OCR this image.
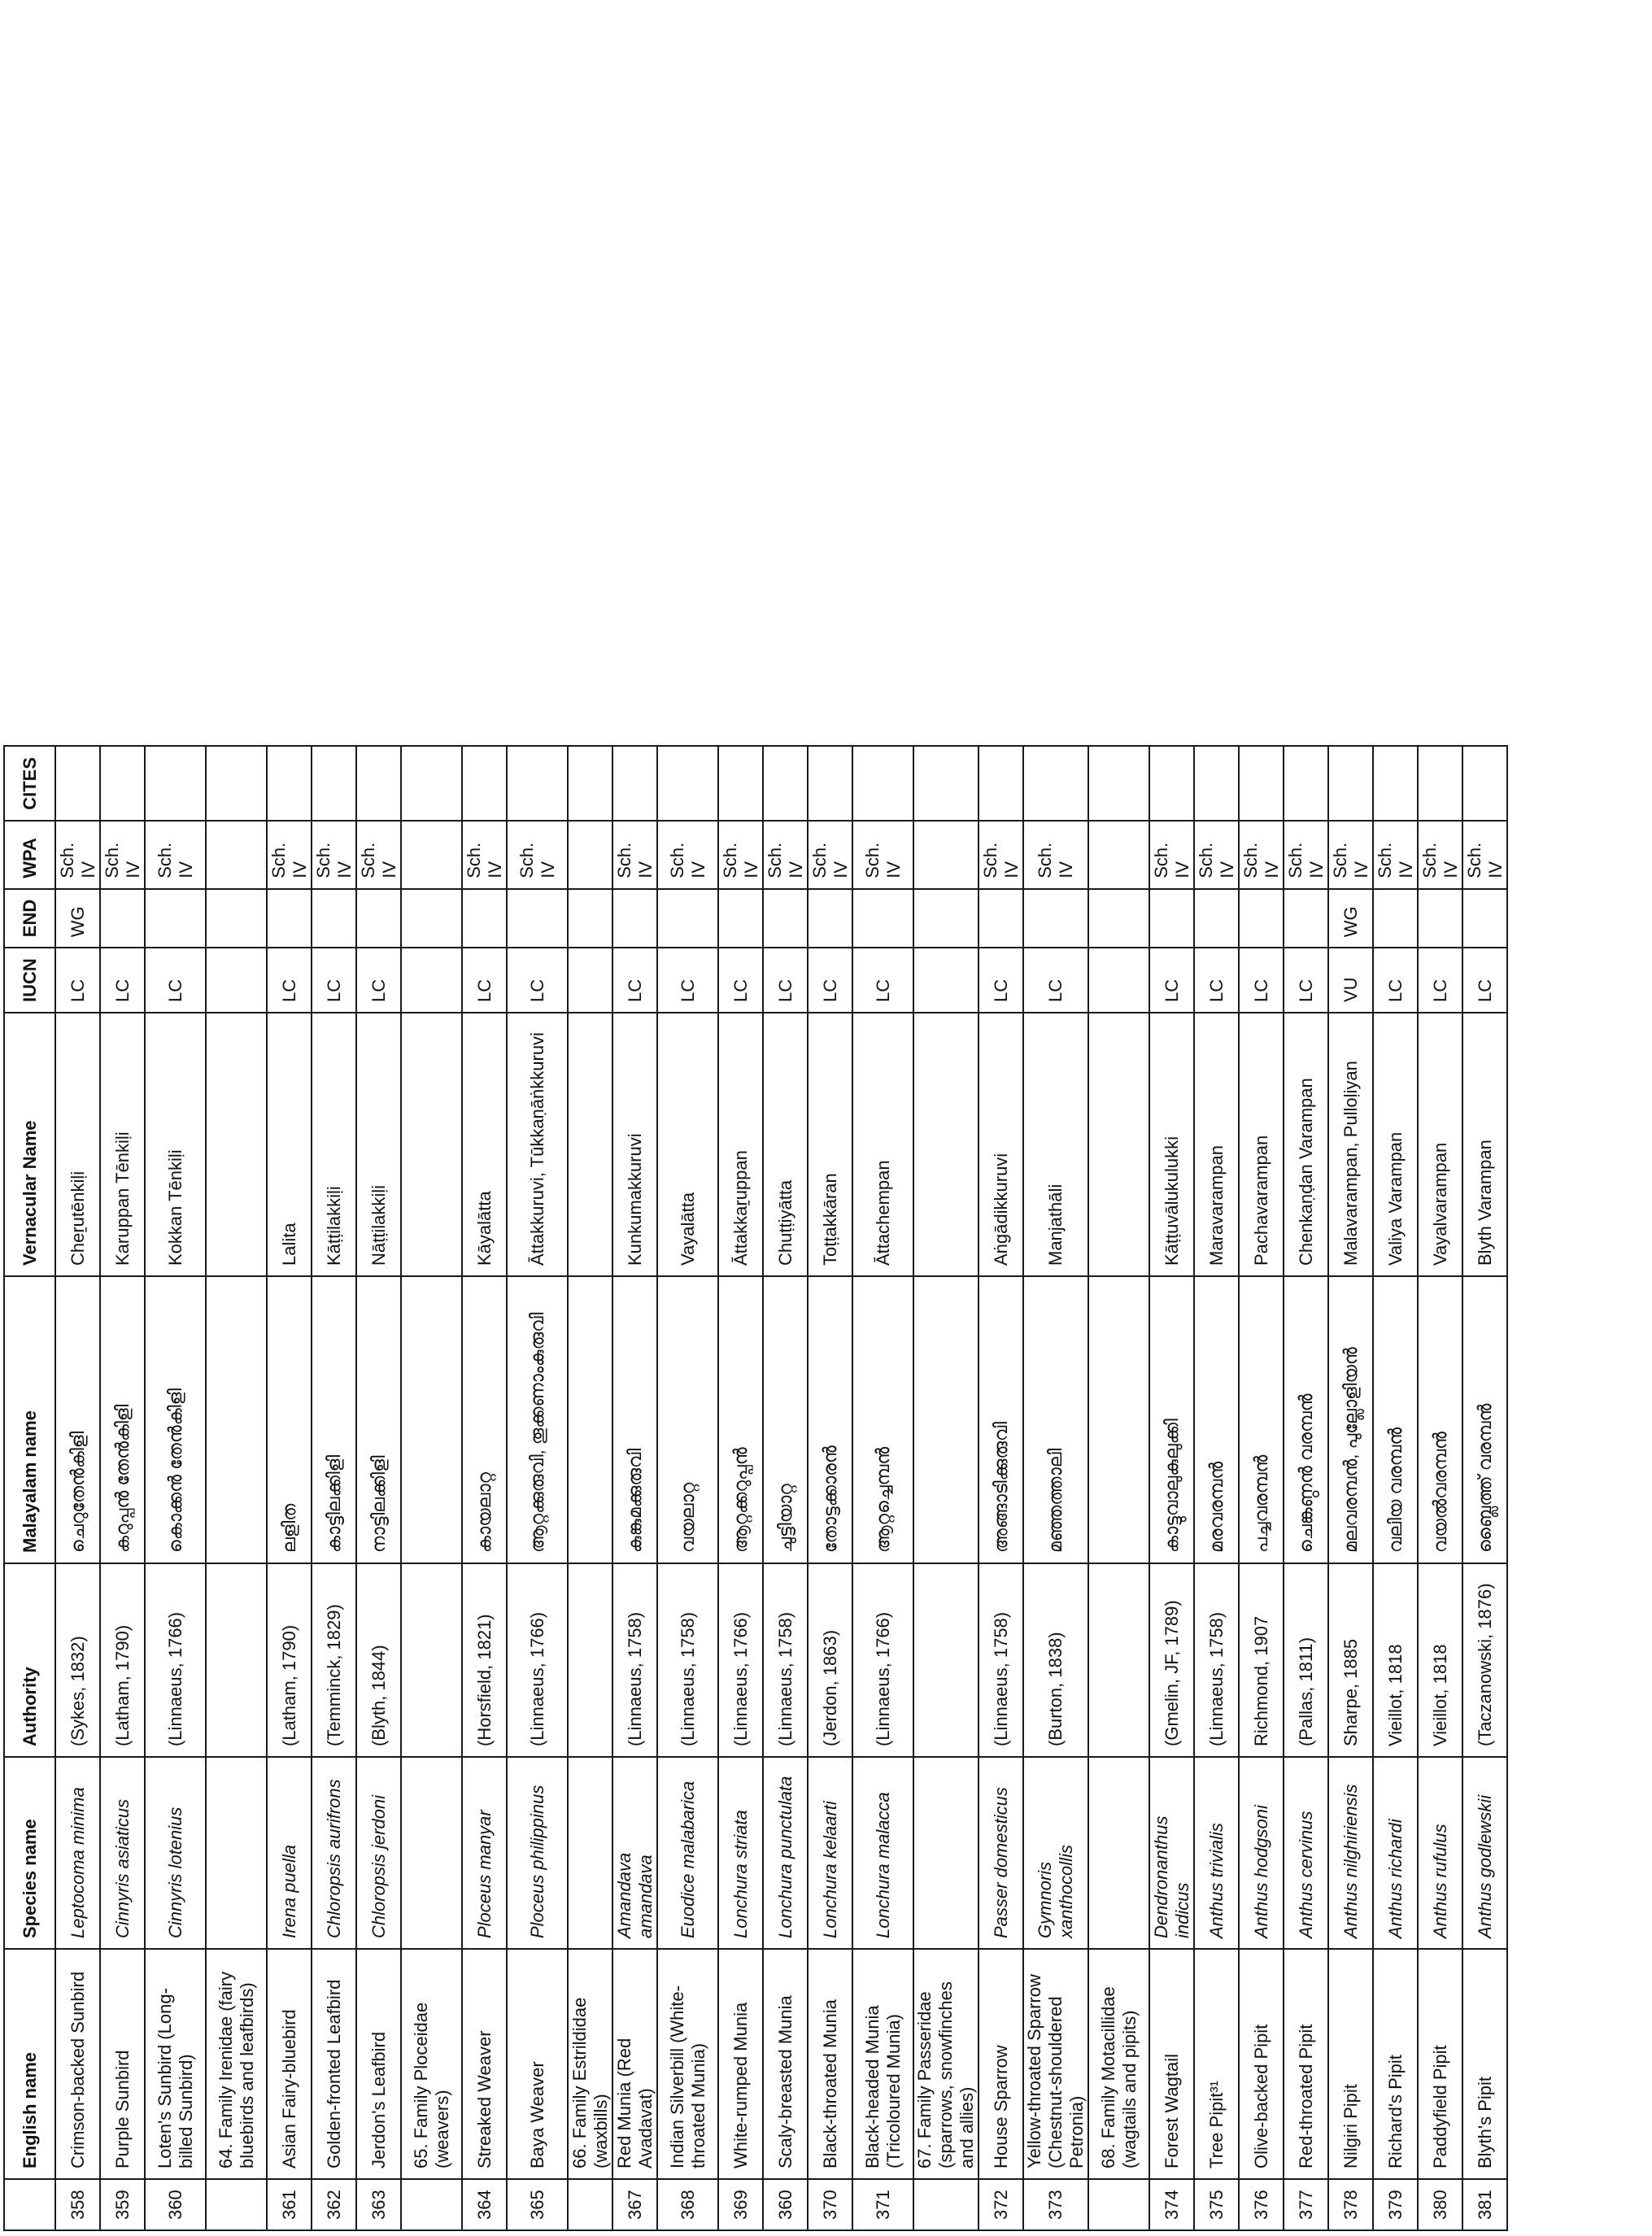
	English name	Species name	Authority	Malayalam name	Vernacular Name	IUCN	END	WPA	CITES
358	Crimson-backed Sunbird	Leptocoma minima	(Sykes, 1832)	ചെറുതേൻകിളി	Cheṟutēnkiḷi	LC	WG	Sch. IV	
359	Purple Sunbird	Cinnyris asiaticus	(Latham, 1790)	കറുപ്പൻ തേൻകിളി	Karuppan Tēnkiḷi	LC		Sch. IV	
360	Loten's Sunbird (Long-billed Sunbird)	Cinnyris lotenius	(Linnaeus, 1766)	കൊക്കൻ തേൻകിളി	Kokkan Tēnkiḷi	LC		Sch. IV	
	64. Family Irenidae (fairy bluebirds and leafbirds)								
361	Asian Fairy-bluebird	Irena puella	(Latham, 1790)	ലളിത	Lalita	LC		Sch. IV	
362	Golden-fronted Leafbird	Chloropsis aurifrons	(Temminck, 1829)	കാട്ടിലക്കിളി	Kāṭṭilakkiḷi	LC		Sch. IV	
363	Jerdon's Leafbird	Chloropsis jerdoni	(Blyth, 1844)	നാട്ടിലക്കിളി	Nāṭṭilakkiḷi	LC		Sch. IV	
	65. Family Ploceidae (weavers)								
364	Streaked Weaver	Ploceus manyar	(Horsfield, 1821)	കായലാറ്റ	Kāyalātta	LC		Sch. IV	
365	Baya Weaver	Ploceus philippinus	(Linnaeus, 1766)	ആറ്റക്കുരുവി, തൂക്കണാംകുരുവി	Āttakkuruvi, Tūkkaṇāṅkkuruvi	LC		Sch. IV	
	66. Family Estrildidae (waxbills)								
367	Red Munia (Red Avadavat)	Amandava amandava	(Linnaeus, 1758)	കുങ്കുമക്കുരുവി	Kunkumakkuruvi	LC		Sch. IV	
368	Indian Silverbill (White-throated Munia)	Euodice malabarica	(Linnaeus, 1758)	വയലാറ്റ	Vayalātta	LC		Sch. IV	
369	White-rumped Munia	Lonchura striata	(Linnaeus, 1766)	ആറ്റക്കറുപ്പൻ	Āttakkaṟuppan	LC		Sch. IV	
360	Scaly-breasted Munia	Lonchura punctulata	(Linnaeus, 1758)	ചുട്ടിയാറ്റ	Chuṭṭiyātta	LC		Sch. IV	
370	Black-throated Munia	Lonchura kelaarti	(Jerdon, 1863)	തോട്ടക്കാരൻ	Toṭṭakkāran	LC		Sch. IV	
371	Black-headed Munia (Tricoloured Munia)	Lonchura malacca	(Linnaeus, 1766)	ആറ്റച്ചെമ്പൻ	Āttachempan	LC		Sch. IV	
	67. Family Passeridae (sparrows, snowfinches and allies)								
372	House Sparrow	Passer domesticus	(Linnaeus, 1758)	അങ്ങാടിക്കുരുവി	Aṅgādikkuruvi	LC		Sch. IV	
373	Yellow-throated Sparrow (Chestnut-shouldered Petronia)	Gymnoris xanthocollis	(Burton, 1838)	മഞ്ഞത്താലി	Manjathāli	LC		Sch. IV	
	68. Family Motacillidae (wagtails and pipits)								
374	Forest Wagtail	Dendronanthus indicus	(Gmelin, JF, 1789)	കാട്ടുവാലുകുലുക്കി	Kāṭṭuvālukulukki	LC		Sch. IV	
375	Tree Pipit³¹	Anthus trivialis	(Linnaeus, 1758)	മരവരമ്പൻ	Maravarampan	LC		Sch. IV	
376	Olive-backed Pipit	Anthus hodgsoni	Richmond, 1907	പച്ചവരമ്പൻ	Pachavarampan	LC		Sch. IV	
377	Red-throated Pipit	Anthus cervinus	(Pallas, 1811)	ചെങ്കണ്ഠൻ വരമ്പൻ	Chenkaṇḍan Varampan	LC		Sch. IV	
378	Nilgiri Pipit	Anthus nilghiriensis	Sharpe, 1885	മലവരമ്പൻ, പുല്ലോളിയൻ	Malavarampan, Pulloḷiyan	VU	WG	Sch. IV	
379	Richard's Pipit	Anthus richardi	Vieillot, 1818	വലിയ വരമ്പൻ	Valiya Varampan	LC		Sch. IV	
380	Paddyfield Pipit	Anthus rufulus	Vieillot, 1818	വയൽവരമ്പൻ	Vayalvarampan	LC		Sch. IV	
381	Blyth's Pipit	Anthus godlewskii	(Taczanowski, 1876)	ബ്ലൈത്ത് വരമ്പൻ	Blyth Varampan	LC		Sch. IV	
